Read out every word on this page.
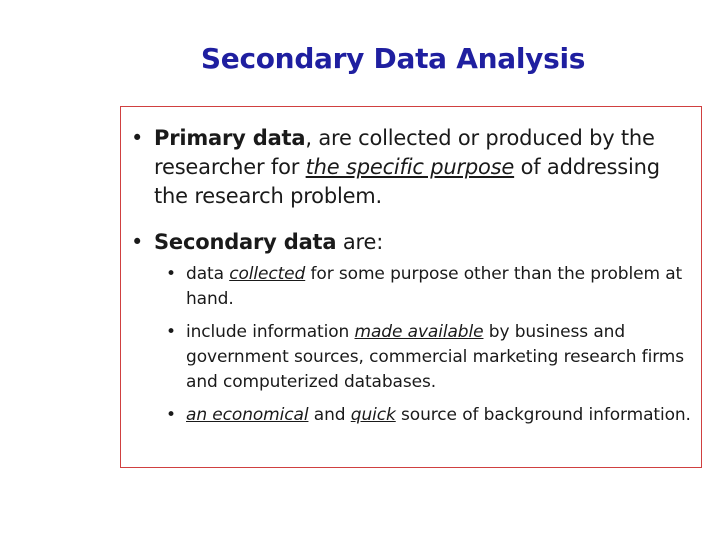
Secondary Data Analysis
• Primary data, are collected or produced by the researcher for the specific purpose of addressing the research problem.
• Secondary data are:
• data collected for some purpose other than the problem at hand.
• include information made available by business and government sources, commercial marketing research firms and computerized databases.
• an economical and quick source of background information.
